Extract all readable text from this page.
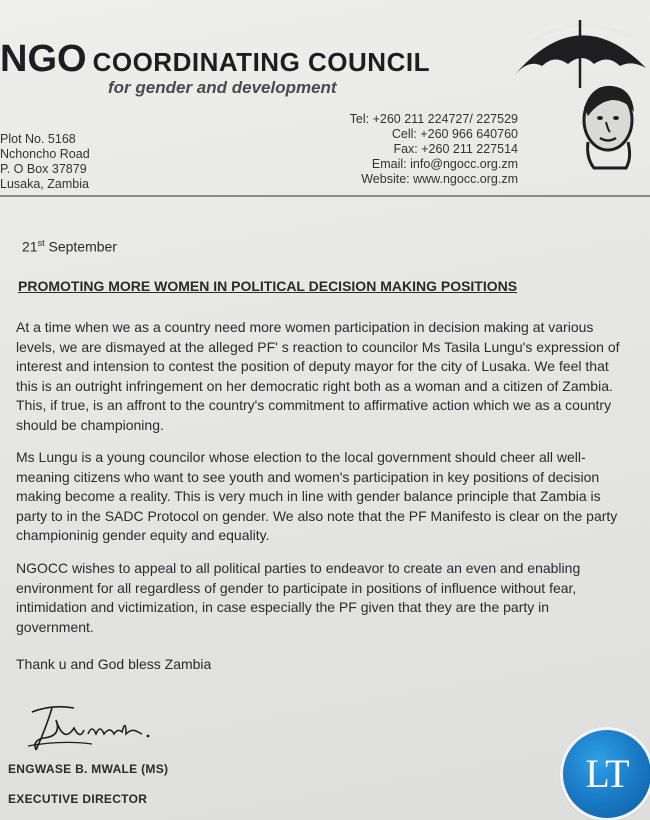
NGO COORDINATING COUNCIL

for gender and development

Plot No. 5168
Nchoncho Road
P. O Box 37879
Lusaka, Zambia
Tel: +260 211 224727/ 227529
Cell: +260 966 640760
Fax: +260 211 227514
Email: info@ngocc.org.zm
Website: www.ngocc.org.zm
21st September
PROMOTING MORE WOMEN IN POLITICAL DECISION MAKING POSITIONS

At a time when we as a country need more women participation in decision making at various levels, we are dismayed at the alleged PF' s reaction to councilor Ms Tasila Lungu's expression of interest and intension to contest the position of deputy mayor for the city of Lusaka. We feel that this is an outright infringement on her democratic right both as a woman and a citizen of Zambia. This, if true, is an affront to the country's commitment to affirmative action which we as a country should be championing.

Ms Lungu is a young councilor whose election to the local government should cheer all well-meaning citizens who want to see youth and women's participation in key positions of decision making become a reality. This is very much in line with gender balance principle that Zambia is party to in the SADC Protocol on gender. We also note that the PF Manifesto is clear on the party championinig gender equity and equality.

NGOCC wishes to appeal to all political parties to endeavor to create an even and enabling environment for all regardless of gender to participate in positions of influence without fear, intimidation and victimization, in case especially the PF given that they are the party in government.

Thank u and God bless Zambia
ENGWASE B. MWALE (MS)
EXECUTIVE DIRECTOR
LT
